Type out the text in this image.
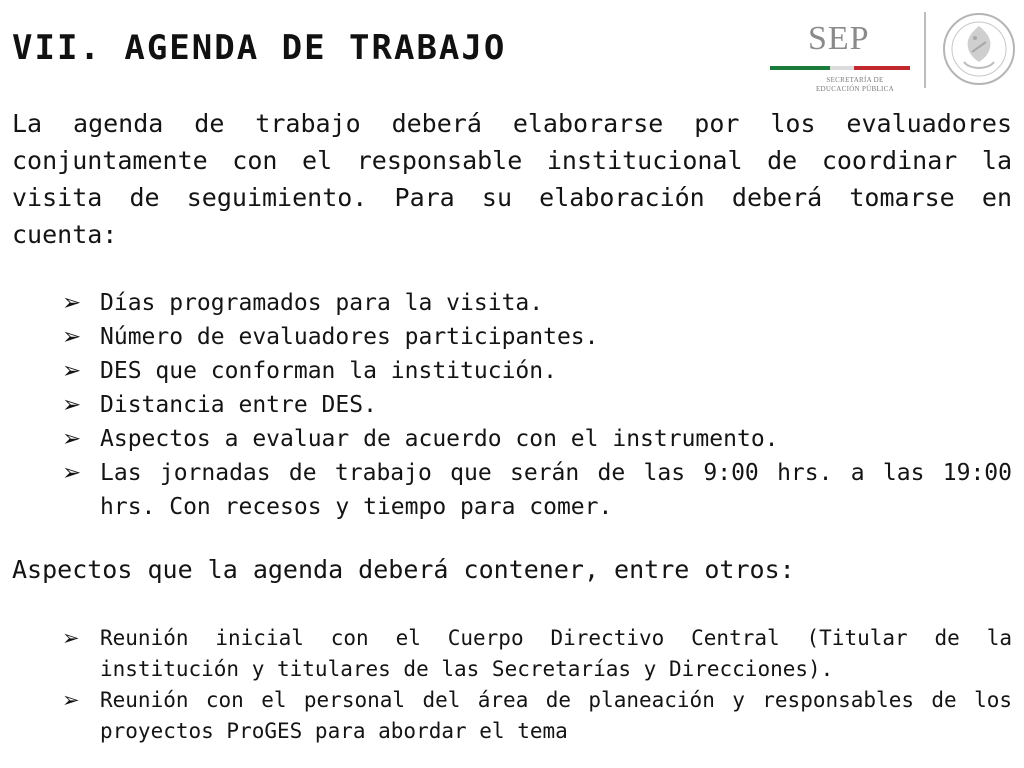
VII. AGENDA DE TRABAJO	SEP
SECRETARÍA DE
EDUCACIÓN PÚBLICA

La agenda de trabajo deberá elaborarse por los evaluadores conjuntamente con el responsable institucional de coordinar la visita de seguimiento. Para su elaboración deberá tomarse en cuenta:

➢ Días programados para la visita.
➢ Número de evaluadores participantes.
➢ DES que conforman la institución.
➢ Distancia entre DES.
➢ Aspectos a evaluar de acuerdo con el instrumento.
➢ Las jornadas de trabajo que serán de las 9:00 hrs. a las 19:00 hrs. Con recesos y tiempo para comer.

Aspectos que la agenda deberá contener, entre otros:

➢ Reunión inicial con el Cuerpo Directivo Central (Titular de la institución y titulares de las Secretarías y Direcciones).
➢ Reunión con el personal del área de planeación y responsables de los proyectos ProGES para abordar el tema
